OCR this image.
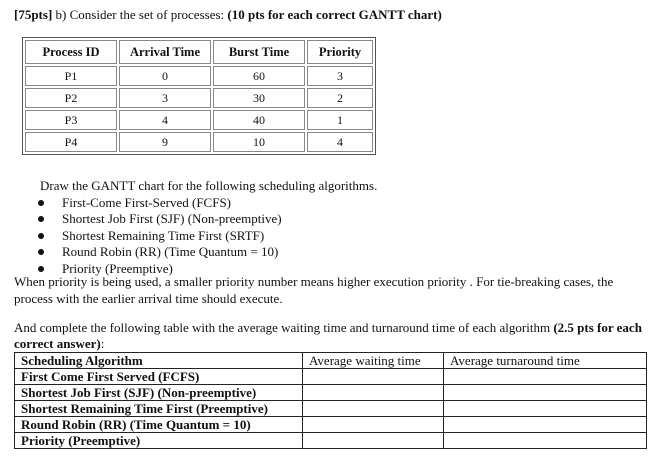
[75pts] b) Consider the set of processes: (10 pts for each correct GANTT chart)
Process ID	Arrival Time	Burst Time	Priority
P1	0	60	3
P2	3	30	2
P3	4	40	1
P4	9	10	4
Draw the GANTT chart for the following scheduling algorithms.
First-Come First-Served (FCFS)
Shortest Job First (SJF) (Non-preemptive)
Shortest Remaining Time First (SRTF)
Round Robin (RR) (Time Quantum = 10)
Priority (Preemptive)
When priority is being used, a smaller priority number means higher execution priority . For tie-breaking cases, the process with the earlier arrival time should execute.
And complete the following table with the average waiting time and turnaround time of each algorithm (2.5 pts for each correct answer):
Scheduling Algorithm	Average waiting time	Average turnaround time
First Come First Served (FCFS)		
Shortest Job First (SJF) (Non-preemptive)		
Shortest Remaining Time First (Preemptive)		
Round Robin (RR) (Time Quantum = 10)		
Priority (Preemptive)		
